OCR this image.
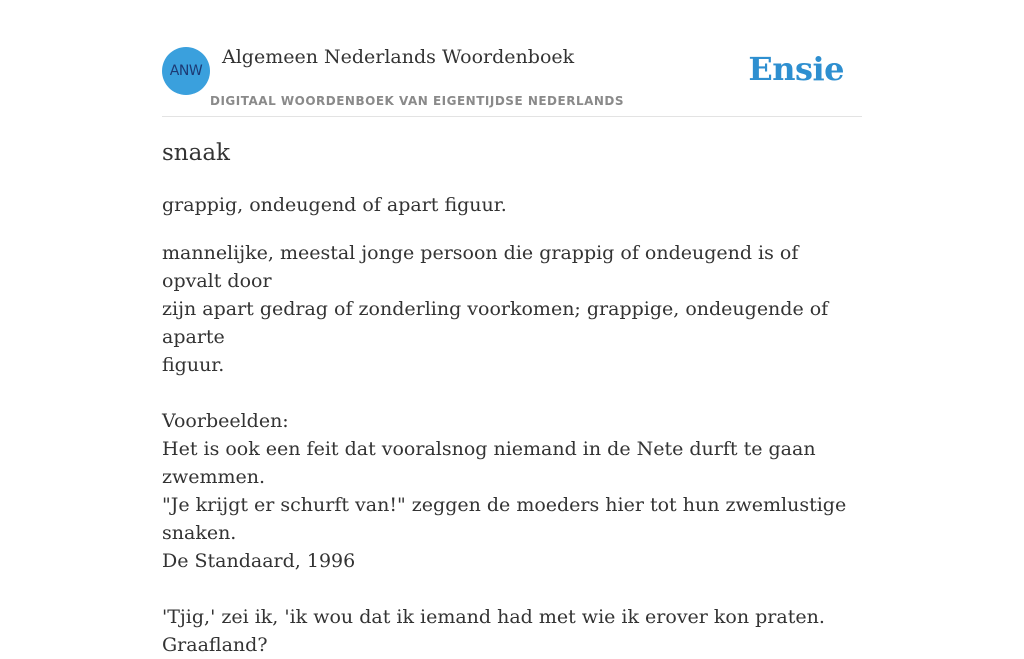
ANW
Algemeen Nederlands Woordenboek
DIGITAAL WOORDENBOEK VAN EIGENTIJDSE NEDERLANDS
Ensie
snaak
grappig, ondeugend of apart figuur.

mannelijke, meestal jonge persoon die grappig of ondeugend is of opvalt door

zijn apart gedrag of zonderling voorkomen; grappige, ondeugende of aparte

figuur.

Voorbeelden:

Het is ook een feit dat vooralsnog niemand in de Nete durft te gaan zwemmen.

"Je krijgt er schurft van!" zeggen de moeders hier tot hun zwemlustige snaken.

De Standaard, 1996

'Tjig,' zei ik, 'ik wou dat ik iemand had met wie ik erover kon praten. Graafland?
